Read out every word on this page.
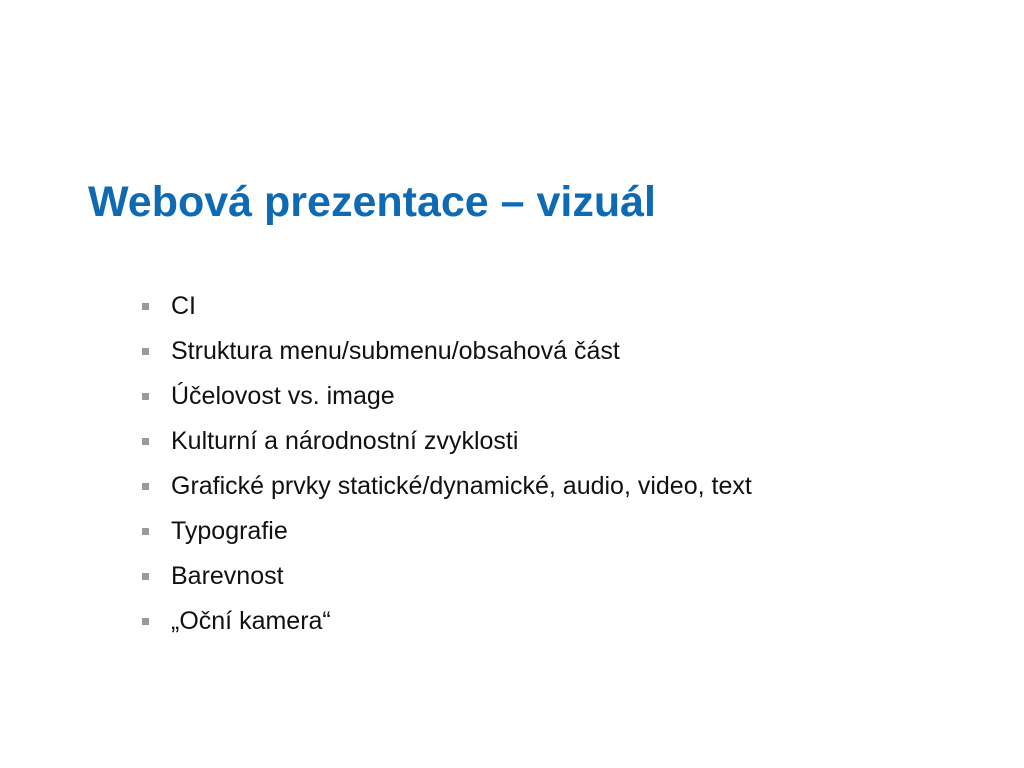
Webová prezentace – vizuál
CI
Struktura menu/submenu/obsahová část
Účelovost vs. image
Kulturní a národnostní zvyklosti
Grafické prvky statické/dynamické, audio, video, text
Typografie
Barevnost
„Oční kamera“
